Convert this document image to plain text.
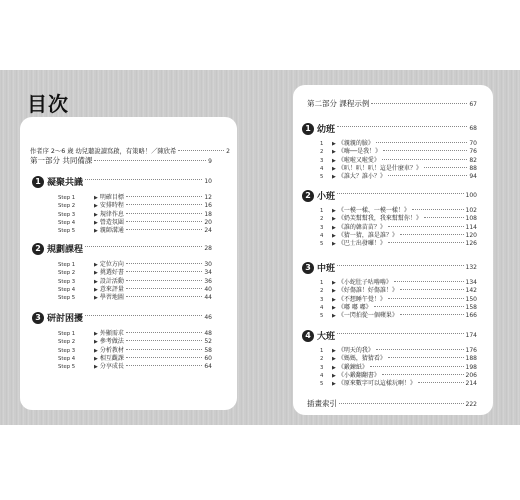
目次
作者序 2～6 歲 幼兒聽說讀寫啟，有策略！／陳欣希	2
第一部分 共同備課	9
1 凝聚共識	10
Step 1	▶ 明確目標	12
Step 2	▶ 安排時程	16
Step 3	▶ 規律作息	18
Step 4	▶ 營造氛圍	20
Step 5	▶ 親師溝通	24
2 規劃課程	28
Step 1	▶ 定位方向	30
Step 2	▶ 挑選好書	34
Step 3	▶ 設計活動	36
Step 4	▶ 意來評量	40
Step 5	▶ 學習地圖	44
3 研討困擾	46
Step 1	▶ 外顯需求	48
Step 2	▶ 參考做法	52
Step 3	▶ 分析教材	58
Step 4	▶ 相互觀課	60
Step 5	▶ 分享成長	64
第二部分 課程示例	67
1 幼班	68
1	▶ 《親親的臉》	70
2	▶ 《嗨──是我！》	76
3	▶ 《啦啦又啦愛》	82
4	▶ 《叭！叭！叭！這是什麼車？》	88
5	▶ 《誰大？誰小？》	94
2 小班	100
1	▶ 《一模一樣、一模一樣！》	102
2	▶ 《奶芙幫幫我，我來幫幫你！》	108
3	▶ 《誰的韓苗苗？》	114
4	▶ 《猜一猜，誰是誰？》	120
5	▶ 《巴士出發囉！》	126
3 中班	132
1	▶ 《小蛇肚子咕嚕嚕》	134
2	▶ 《好傷誰！好傷誰！》	142
3	▶ 《不想睡午覺！》	150
4	▶ 《嘟 嘟 嘟》	158
5	▶ 《一閃拍從一個蘋果》	166
4 大班	174
1	▶ 《明天的我》	176
2	▶ 《媽媽，猜猜看》	188
3	▶ 《鍛鍊紙》	198
4	▶ 《小鍛翻翻書》	206
5	▶ 《原來數字可以這樣玩啊！》	214
插畫索引	222
